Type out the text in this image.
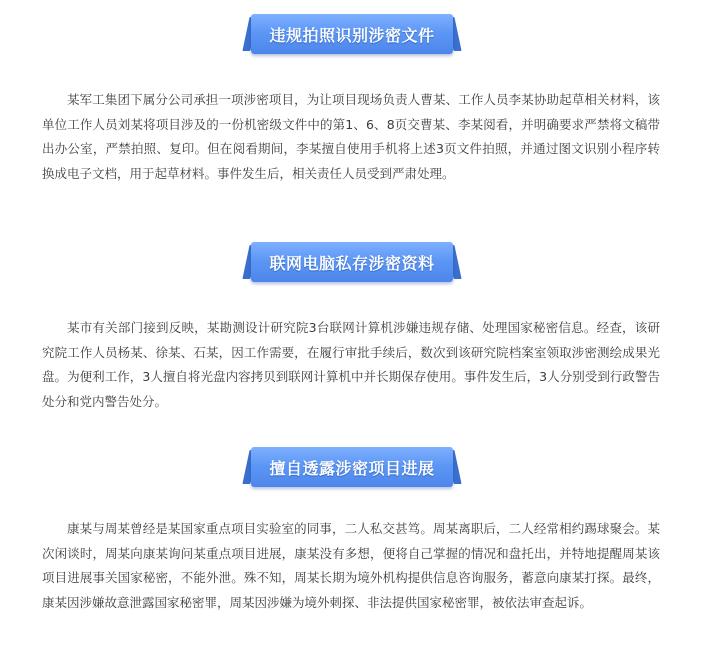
违规拍照识别涉密文件

某军工集团下属分公司承担一项涉密项目，为让项目现场负责人曹某、工作人员李某协助起草相关材料，该单位工作人员刘某将项目涉及的一份机密级文件中的第1、6、8页交曹某、李某阅看，并明确要求严禁将文稿带出办公室，严禁拍照、复印。但在阅看期间，李某擅自使用手机将上述3页文件拍照，并通过图文识别小程序转换成电子文档，用于起草材料。事件发生后，相关责任人员受到严肃处理。

联网电脑私存涉密资料

某市有关部门接到反映，某勘测设计研究院3台联网计算机涉嫌违规存储、处理国家秘密信息。经查，该研究院工作人员杨某、徐某、石某，因工作需要，在履行审批手续后，数次到该研究院档案室领取涉密测绘成果光盘。为便利工作，3人擅自将光盘内容拷贝到联网计算机中并长期保存使用。事件发生后，3人分别受到行政警告处分和党内警告处分。

擅自透露涉密项目进展

康某与周某曾经是某国家重点项目实验室的同事，二人私交甚笃。周某离职后，二人经常相约踢球聚会。某次闲谈时，周某向康某询问某重点项目进展，康某没有多想，便将自己掌握的情况和盘托出，并特地提醒周某该项目进展事关国家秘密，不能外泄。殊不知，周某长期为境外机构提供信息咨询服务，蓄意向康某打探。最终，康某因涉嫌故意泄露国家秘密罪，周某因涉嫌为境外刺探、非法提供国家秘密罪，被依法审查起诉。
